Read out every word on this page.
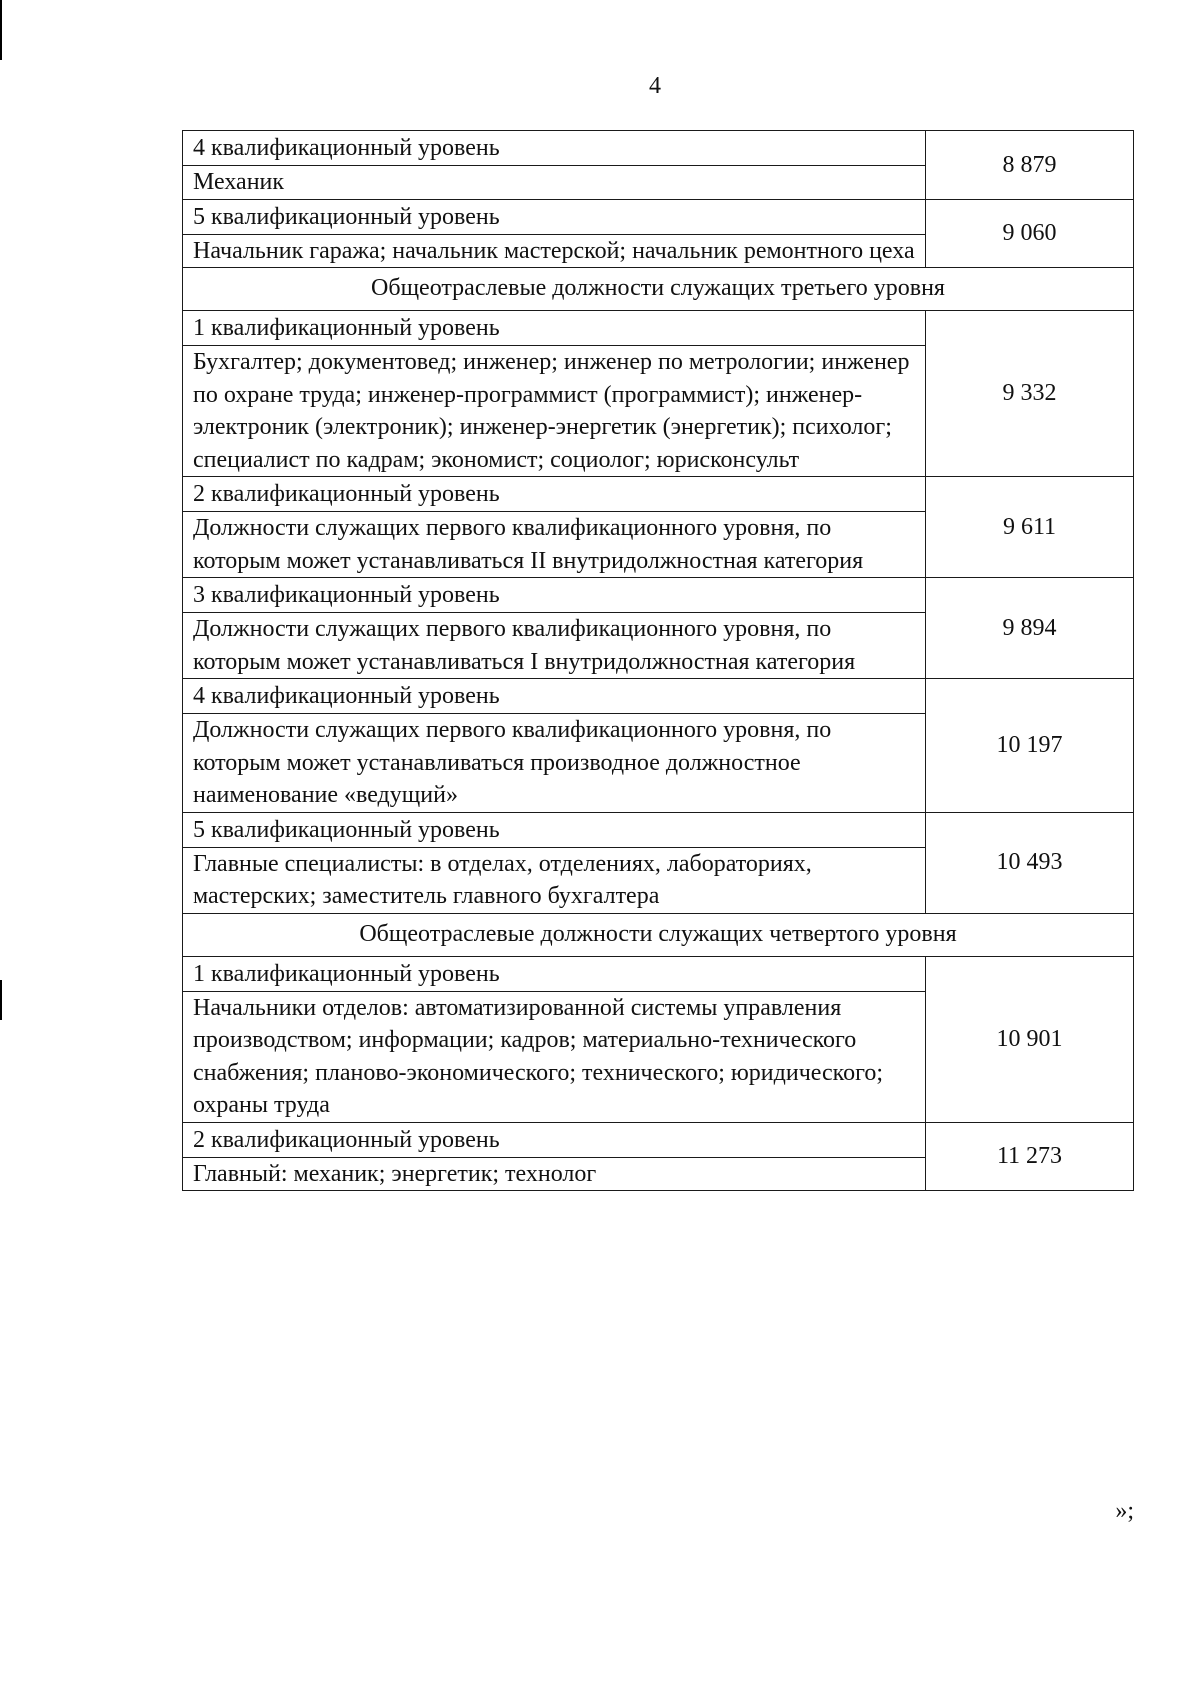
4
4 квалификационный уровень	8 879
Механик	
5 квалификационный уровень	9 060
Начальник гаража; начальник мастерской; начальник ремонтного цеха	
Общеотраслевые должности служащих третьего уровня	
1 квалификационный уровень	9 332
Бухгалтер; документовед; инженер; инженер по метрологии; инженер по охране труда; инженер-программист (программист); инженер-электроник (электроник); инженер-энергетик (энергетик); психолог; специалист по кадрам; экономист; социолог; юрисконсульт	
2 квалификационный уровень	9 611
Должности служащих первого квалификационного уровня, по которым может устанавливаться II внутридолжностная категория	
3 квалификационный уровень	9 894
Должности служащих первого квалификационного уровня, по которым может устанавливаться I внутридолжностная категория	
4 квалификационный уровень	10 197
Должности служащих первого квалификационного уровня, по которым может устанавливаться производное должностное наименование «ведущий»	
5 квалификационный уровень	10 493
Главные специалисты: в отделах, отделениях, лабораториях, мастерских; заместитель главного бухгалтера	
Общеотраслевые должности служащих четвертого уровня	
1 квалификационный уровень	10 901
Начальники отделов: автоматизированной системы управления производством; информации; кадров; материально-технического снабжения; планово-экономического; технического; юридического; охраны труда	
2 квалификационный уровень	11 273
Главный: механик; энергетик; технолог	
»;
